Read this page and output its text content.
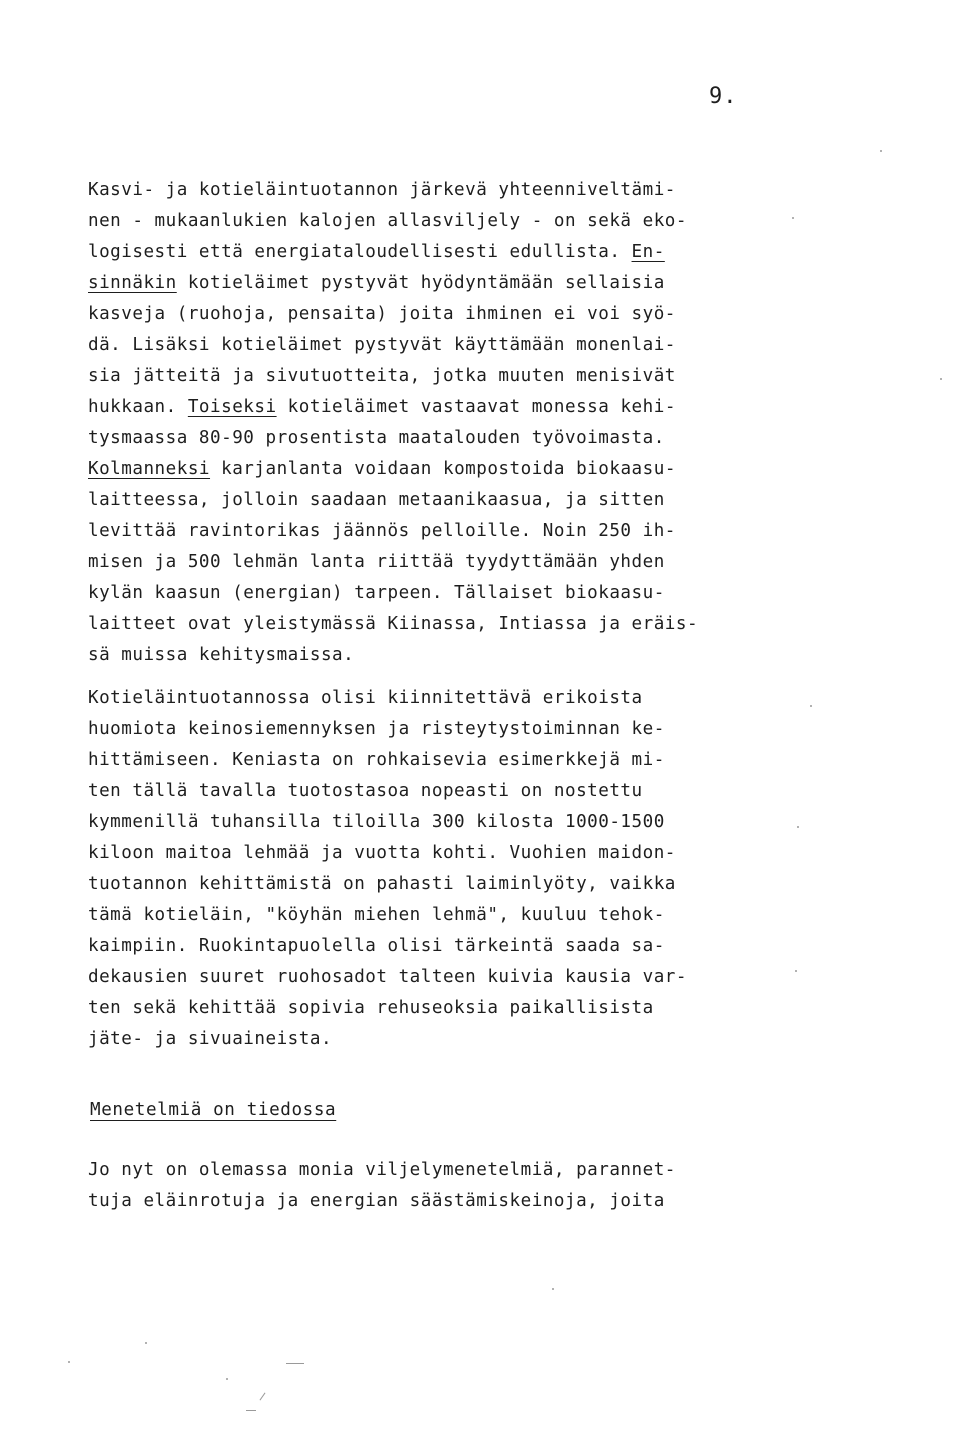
9.
Kasvi- ja kotieläintuotannon järkevä yhteenniveltämi-
nen - mukaanlukien kalojen allasviljely - on sekä eko-
logisesti että energiataloudellisesti edullista. En-
sinnäkin kotieläimet pystyvät hyödyntämään sellaisia
kasveja (ruohoja, pensaita) joita ihminen ei voi syö-
dä. Lisäksi kotieläimet pystyvät käyttämään monenlai-
sia jätteitä ja sivutuotteita, jotka muuten menisivät
hukkaan. Toiseksi kotieläimet vastaavat monessa kehi-
tysmaassa 80-90 prosentista maatalouden työvoimasta.
Kolmanneksi karjanlanta voidaan kompostoida biokaasu-
laitteessa, jolloin saadaan metaanikaasua, ja sitten
levittää ravintorikas jäännös pelloille. Noin 250 ih-
misen ja 500 lehmän lanta riittää tyydyttämään yhden
kylän kaasun (energian) tarpeen. Tällaiset biokaasu-
laitteet ovat yleistymässä Kiinassa, Intiassa ja eräis-
sä muissa kehitysmaissa.
Kotieläintuotannossa olisi kiinnitettävä erikoista
huomiota keinosiemennyksen ja risteytystoiminnan ke-
hittämiseen. Keniasta on rohkaisevia esimerkkejä mi-
ten tällä tavalla tuotostasoa nopeasti on nostettu
kymmenillä tuhansilla tiloilla 300 kilosta 1000-1500
kiloon maitoa lehmää ja vuotta kohti. Vuohien maidon-
tuotannon kehittämistä on pahasti laiminlyöty, vaikka
tämä kotieläin, "köyhän miehen lehmä", kuuluu tehok-
kaimpiin. Ruokintapuolella olisi tärkeintä saada sa-
dekausien suuret ruohosadot talteen kuivia kausia var-
ten sekä kehittää sopivia rehuseoksia paikallisista
jäte- ja sivuaineista.
Menetelmiä on tiedossa
Jo nyt on olemassa monia viljelymenetelmiä, parannet-
tuja eläinrotuja ja energian säästämiskeinoja, joita
